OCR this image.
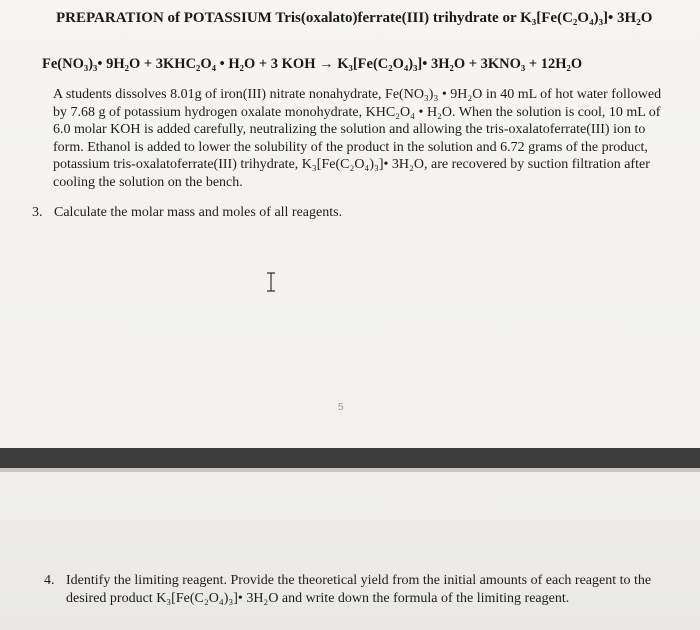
PREPARATION of POTASSIUM Tris(oxalato)ferrate(III) trihydrate or K₃[Fe(C₂O₄)₃]• 3H₂O
Fe(NO₃)₃• 9H₂O + 3KHC₂O₄ • H₂O + 3 KOH → K₃[Fe(C₂O₄)₃]• 3H₂O + 3KNO₃ + 12H₂O
A students dissolves 8.01g of iron(III) nitrate nonahydrate, Fe(NO₃)₃ • 9H₂O in 40 mL of hot water followed by 7.68 g of potassium hydrogen oxalate monohydrate, KHC₂O₄ • H₂O. When the solution is cool, 10 mL of 6.0 molar KOH is added carefully, neutralizing the solution and allowing the tris-oxalatoferrate(III) ion to form. Ethanol is added to lower the solubility of the product in the solution and 6.72 grams of the product, potassium tris-oxalatoferrate(III) trihydrate, K₃[Fe(C₂O₄)₃]• 3H₂O, are recovered by suction filtration after cooling the solution on the bench.
3. Calculate the molar mass and moles of all reagents.
5
4. Identify the limiting reagent. Provide the theoretical yield from the initial amounts of each reagent to the desired product K₃[Fe(C₂O₄)₃]• 3H₂O and write down the formula of the limiting reagent.
